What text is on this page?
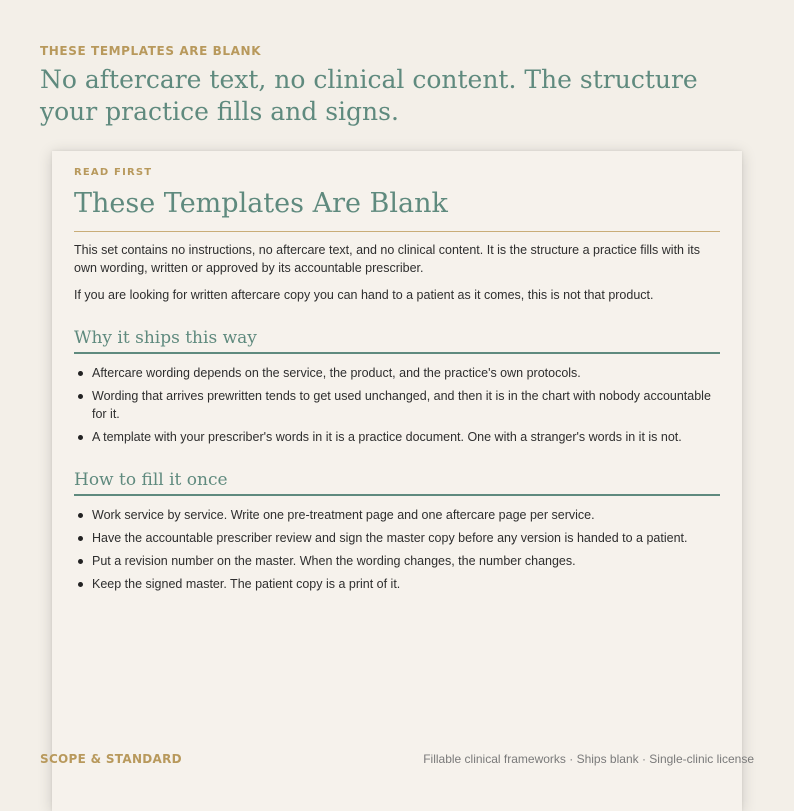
THESE TEMPLATES ARE BLANK
No aftercare text, no clinical content. The structure your practice fills and signs.
READ FIRST
These Templates Are Blank

This set contains no instructions, no aftercare text, and no clinical content. It is the structure a practice fills with its own wording, written or approved by its accountable prescriber.

If you are looking for written aftercare copy you can hand to a patient as it comes, this is not that product.

Why it ships this way
Aftercare wording depends on the service, the product, and the practice's own protocols.
Wording that arrives prewritten tends to get used unchanged, and then it is in the chart with nobody accountable for it.
A template with your prescriber's words in it is a practice document. One with a stranger's words in it is not.
How to fill it once
Work service by service. Write one pre-treatment page and one aftercare page per service.
Have the accountable prescriber review and sign the master copy before any version is handed to a patient.
Put a revision number on the master. When the wording changes, the number changes.
Keep the signed master. The patient copy is a print of it.
SCOPE & STANDARD	Fillable clinical frameworks · Ships blank · Single-clinic license
